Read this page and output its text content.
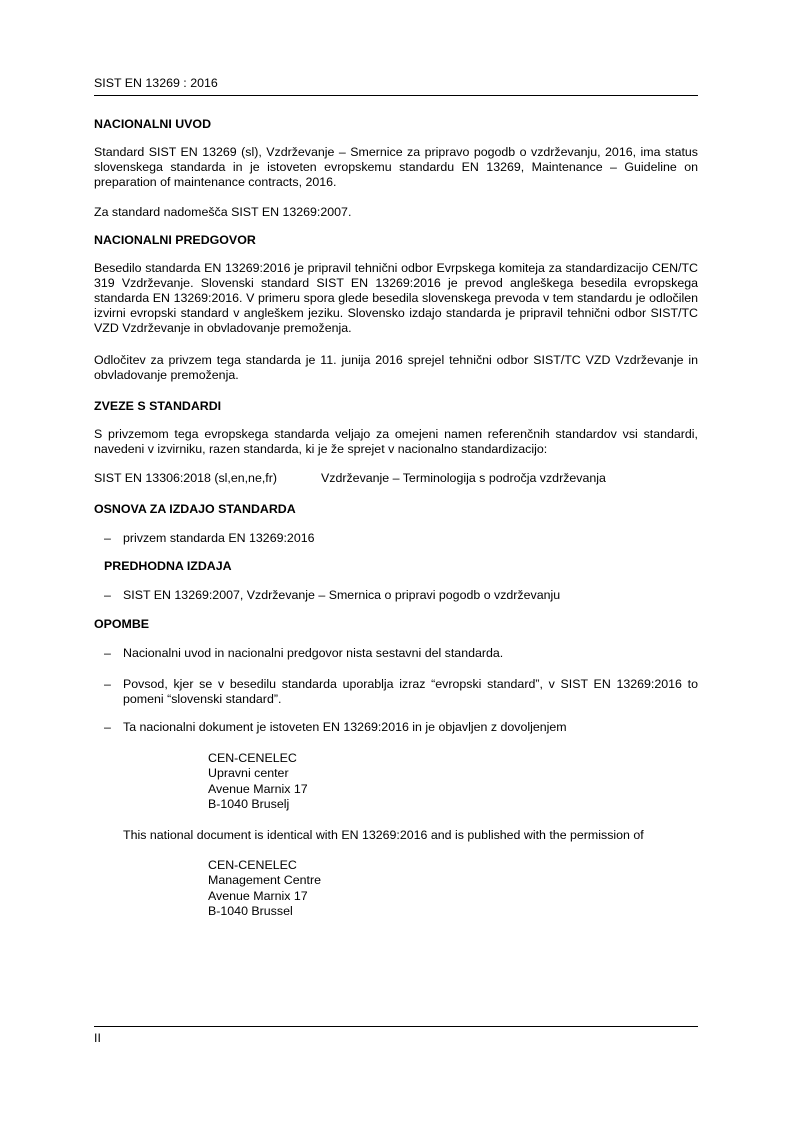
SIST EN 13269 : 2016
NACIONALNI UVOD
Standard SIST EN 13269 (sl), Vzdrževanje – Smernice za pripravo pogodb o vzdrževanju, 2016, ima status slovenskega standarda in je istoveten evropskemu standardu EN 13269, Maintenance – Guideline on preparation of maintenance contracts, 2016.
Za standard nadomešča SIST EN 13269:2007.
NACIONALNI PREDGOVOR
Besedilo standarda EN 13269:2016 je pripravil tehnični odbor Evrpskega komiteja za standardizacijo CEN/TC 319 Vzdrževanje. Slovenski standard SIST EN 13269:2016 je prevod angleškega besedila evropskega standarda EN 13269:2016. V primeru spora glede besedila slovenskega prevoda v tem standardu je odločilen izvirni evropski standard v angleškem jeziku. Slovensko izdajo standarda je pripravil tehnični odbor SIST/TC VZD Vzdrževanje in obvladovanje premoženja.
Odločitev za privzem tega standarda je 11. junija 2016 sprejel tehnični odbor SIST/TC VZD Vzdrževanje in obvladovanje premoženja.
ZVEZE S STANDARDI
S privzemom tega evropskega standarda veljajo za omejeni namen referenčnih standardov vsi standardi, navedeni v izvirniku, razen standarda, ki je že sprejet v nacionalno standardizacijo:
SIST EN 13306:2018 (sl,en,ne,fr)	Vzdrževanje – Terminologija s področja vzdrževanja
OSNOVA ZA IZDAJO STANDARDA
– privzem standarda EN 13269:2016
PREDHODNA IZDAJA
– SIST EN 13269:2007, Vzdrževanje – Smernica o pripravi pogodb o vzdrževanju
OPOMBE
– Nacionalni uvod in nacionalni predgovor nista sestavni del standarda.
– Povsod, kjer se v besedilu standarda uporablja izraz “evropski standard”, v SIST EN 13269:2016 to pomeni “slovenski standard”.
– Ta nacionalni dokument je istoveten EN 13269:2016 in je objavljen z dovoljenjem
CEN-CENELEC
Upravni center
Avenue Marnix 17
B-1040 Bruselj
This national document is identical with EN 13269:2016 and is published with the permission of
CEN-CENELEC
Management Centre
Avenue Marnix 17
B-1040 Brussel
II
